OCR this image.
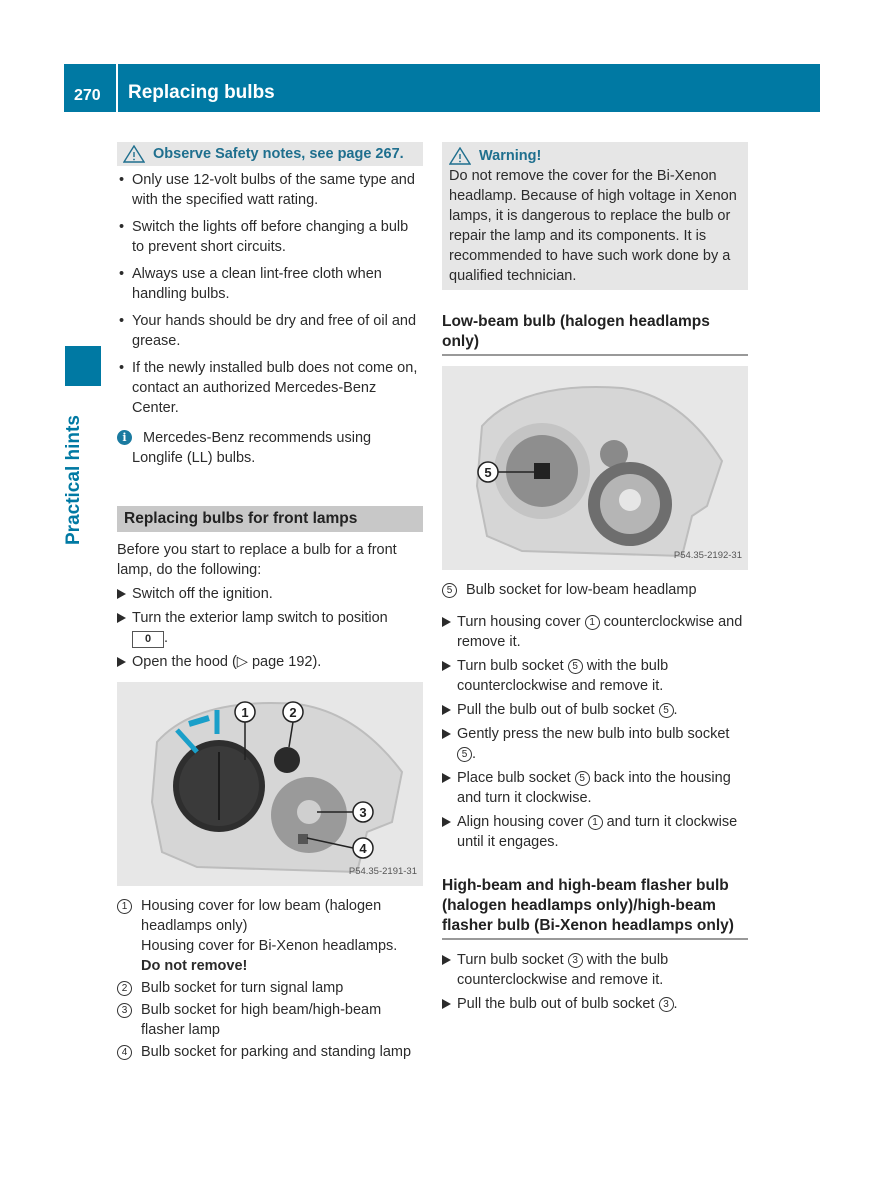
270 Replacing bulbs
Practical hints
Observe Safety notes, see page 267.
• Only use 12-volt bulbs of the same type and with the specified watt rating.
• Switch the lights off before changing a bulb to prevent short circuits.
• Always use a clean lint-free cloth when handling bulbs.
• Your hands should be dry and free of oil and grease.
• If the newly installed bulb does not come on, contact an authorized Mercedes-Benz Center.
i	Mercedes-Benz recommends using Longlife (LL) bulbs.
Replacing bulbs for front lamps
Before you start to replace a bulb for a front lamp, do the following:
Switch off the ignition.
Turn the exterior lamp switch to position
0 .
Open the hood (▷ page 192).
1	2
3
4
P54.35-2191-31
1 Housing cover for low beam (halogen headlamps only)
Housing cover for Bi-Xenon headlamps.
Do not remove!
2 Bulb socket for turn signal lamp
3 Bulb socket for high beam/high-beam flasher lamp
4 Bulb socket for parking and standing lamp
Warning!
Do not remove the cover for the Bi-Xenon headlamp. Because of high voltage in Xenon lamps, it is dangerous to replace the bulb or repair the lamp and its components. It is recommended to have such work done by a qualified technician.
Low-beam bulb (halogen headlamps only)
5
P54.35-2192-31
5 Bulb socket for low-beam headlamp
Turn housing cover 1 counterclockwise and remove it.
Turn bulb socket 5 with the bulb counterclockwise and remove it.
Pull the bulb out of bulb socket 5 .
Gently press the new bulb into bulb socket 5 .
Place bulb socket 5 back into the housing and turn it clockwise.
Align housing cover 1 and turn it clockwise until it engages.
High-beam and high-beam flasher bulb (halogen headlamps only)/high-beam flasher bulb (Bi-Xenon headlamps only)
Turn bulb socket 3 with the bulb counterclockwise and remove it.
Pull the bulb out of bulb socket 3 .
